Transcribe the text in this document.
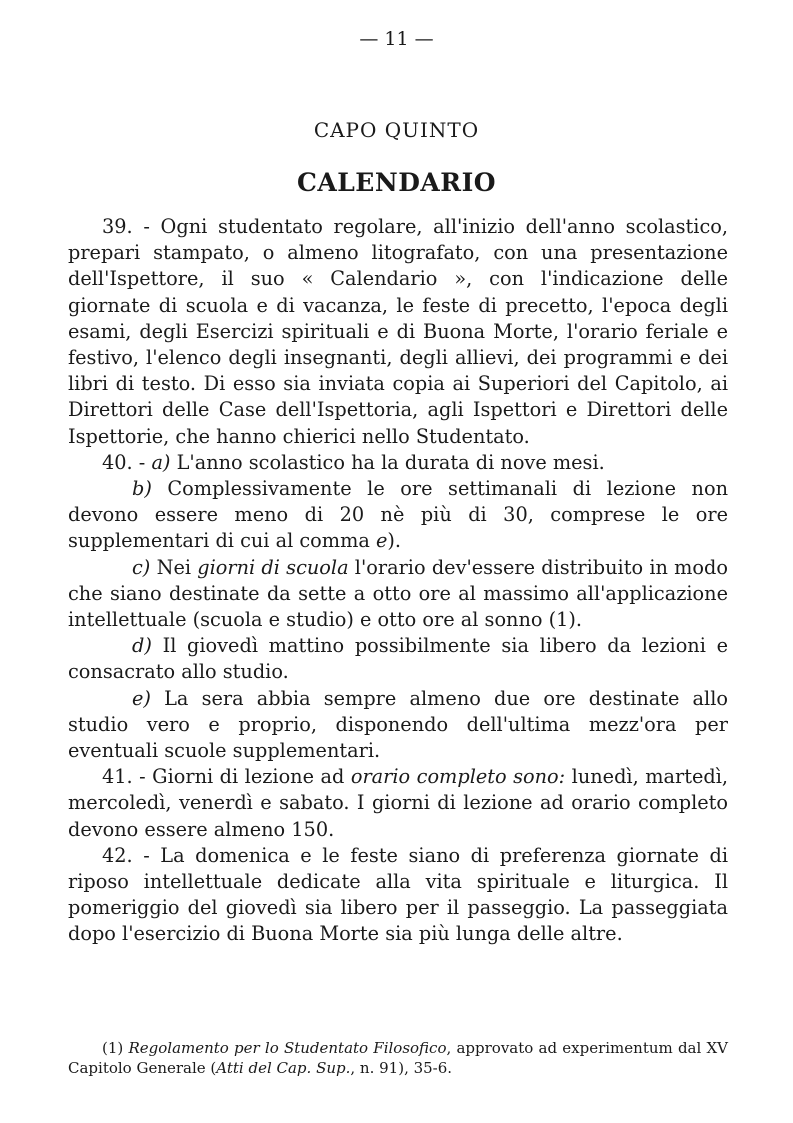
— 11 —
CAPO QUINTO
CALENDARIO

39. - Ogni studentato regolare, all'inizio dell'anno scolastico, prepari stampato, o almeno litografato, con una presentazione dell'Ispettore, il suo « Calendario », con l'indicazione delle giornate di scuola e di vacanza, le feste di precetto, l'epoca degli esami, degli Esercizi spirituali e di Buona Morte, l'orario feriale e festivo, l'elenco degli insegnanti, degli allievi, dei programmi e dei libri di testo. Di esso sia inviata copia ai Superiori del Capitolo, ai Direttori delle Case dell'Ispettoria, agli Ispettori e Direttori delle Ispettorie, che hanno chierici nello Studentato.

40. - a) L'anno scolastico ha la durata di nove mesi.

b) Complessivamente le ore settimanali di lezione non devono essere meno di 20 nè più di 30, comprese le ore supplementari di cui al comma e).

c) Nei giorni di scuola l'orario dev'essere distribuito in modo che siano destinate da sette a otto ore al massimo all'applicazione intellettuale (scuola e studio) e otto ore al sonno (1).

d) Il giovedì mattino possibilmente sia libero da lezioni e consacrato allo studio.

e) La sera abbia sempre almeno due ore destinate allo studio vero e proprio, disponendo dell'ultima mezz'ora per eventuali scuole supplementari.

41. - Giorni di lezione ad orario completo sono: lunedì, martedì, mercoledì, venerdì e sabato. I giorni di lezione ad orario completo devono essere almeno 150.

42. - La domenica e le feste siano di preferenza giornate di riposo intellettuale dedicate alla vita spirituale e liturgica. Il pomeriggio del giovedì sia libero per il passeggio. La passeggiata dopo l'esercizio di Buona Morte sia più lunga delle altre.

(1) Regolamento per lo Studentato Filosofico, approvato ad experimentum dal XV Capitolo Generale (Atti del Cap. Sup., n. 91), 35-6.
